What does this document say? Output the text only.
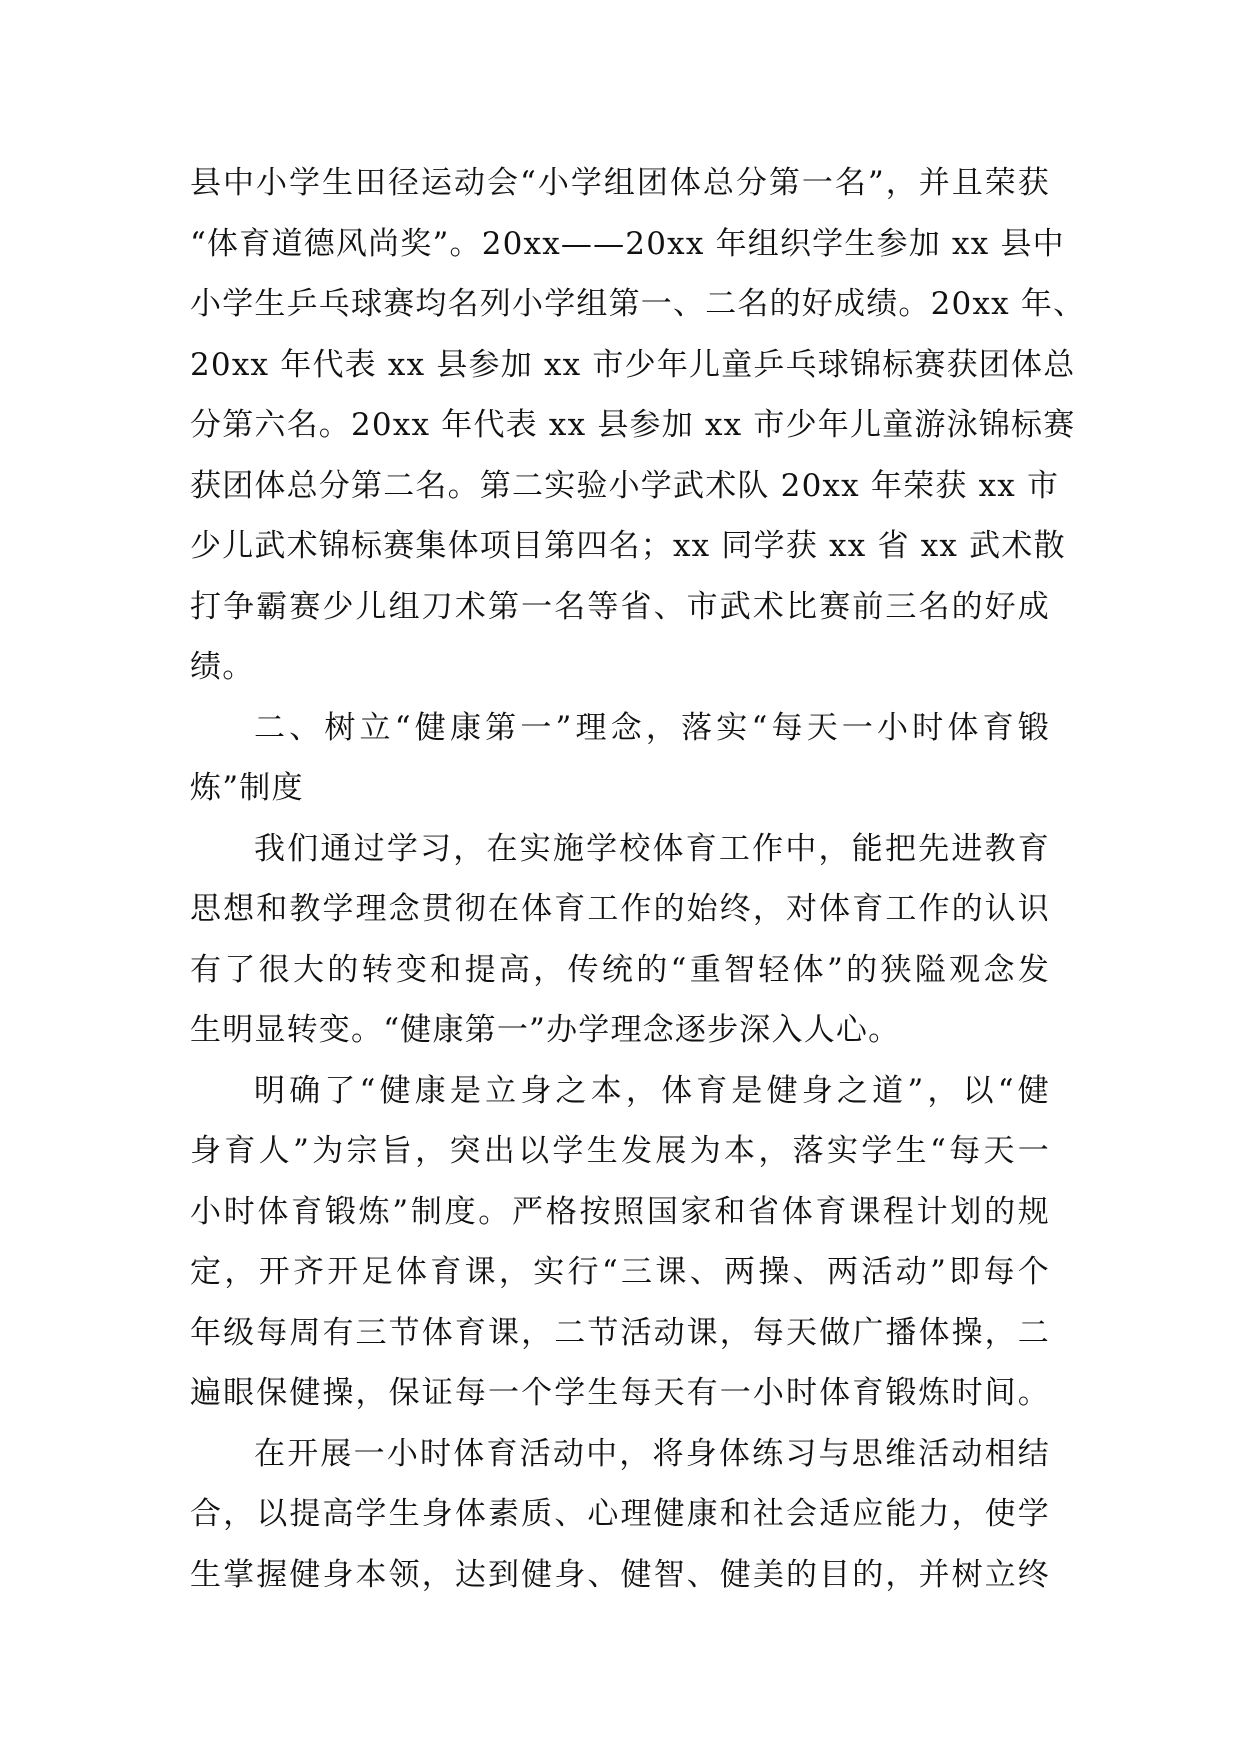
县中小学生田径运动会“小学组团体总分第一名”，并且荣获
“体育道德风尚奖”。20xx——20xx 年组织学生参加 xx 县中
小学生乒乓球赛均名列小学组第一、二名的好成绩。20xx 年、
20xx 年代表 xx 县参加 xx 市少年儿童乒乓球锦标赛获团体总
分第六名。20xx 年代表 xx 县参加 xx 市少年儿童游泳锦标赛
获团体总分第二名。第二实验小学武术队 20xx 年荣获 xx 市
少儿武术锦标赛集体项目第四名；xx 同学获 xx 省 xx 武术散
打争霸赛少儿组刀术第一名等省、市武术比赛前三名的好成
绩。
二、树立“健康第一”理念，落实“每天一小时体育锻
炼”制度
我们通过学习，在实施学校体育工作中，能把先进教育
思想和教学理念贯彻在体育工作的始终，对体育工作的认识
有了很大的转变和提高，传统的“重智轻体”的狭隘观念发
生明显转变。“健康第一”办学理念逐步深入人心。
明确了“健康是立身之本，体育是健身之道”，以“健
身育人”为宗旨，突出以学生发展为本，落实学生“每天一
小时体育锻炼”制度。严格按照国家和省体育课程计划的规
定，开齐开足体育课，实行“三课、两操、两活动”即每个
年级每周有三节体育课，二节活动课，每天做广播体操，二
遍眼保健操，保证每一个学生每天有一小时体育锻炼时间。
在开展一小时体育活动中，将身体练习与思维活动相结
合，以提高学生身体素质、心理健康和社会适应能力，使学
生掌握健身本领，达到健身、健智、健美的目的，并树立终
